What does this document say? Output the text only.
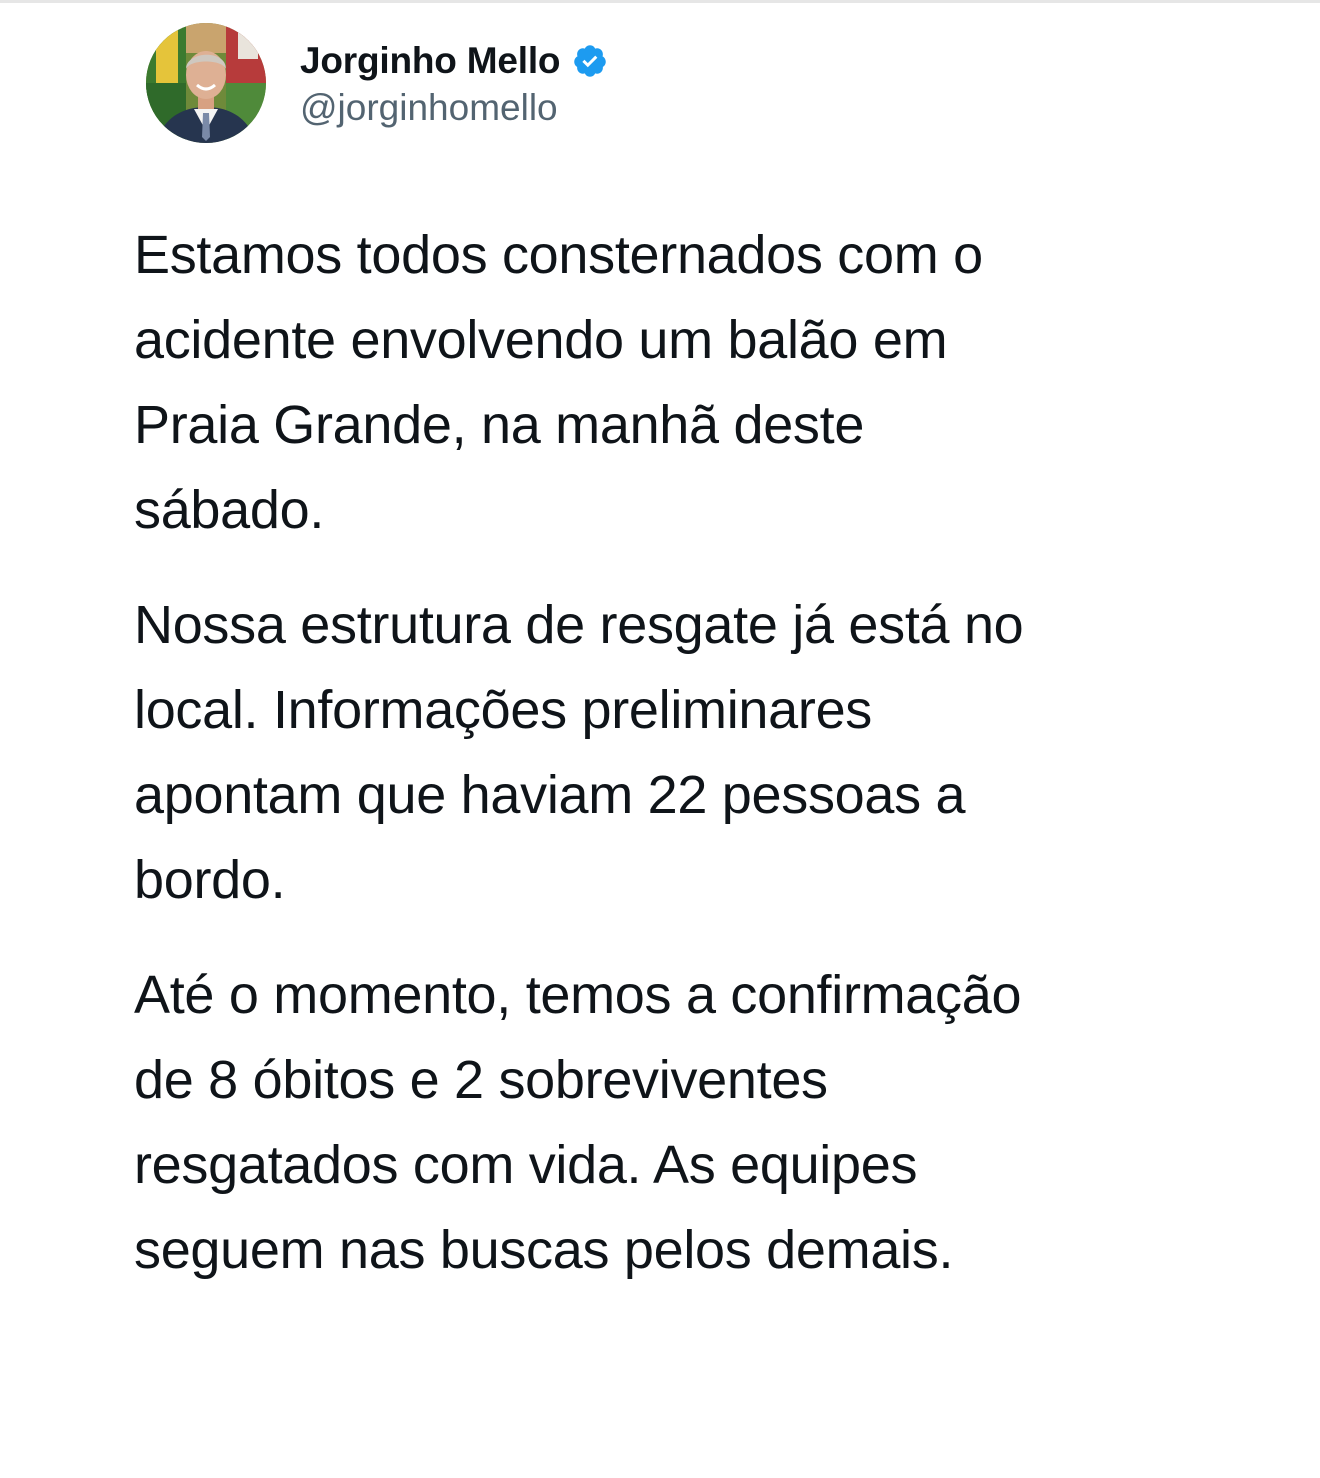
Jorginho Mello
@jorginhomello

Estamos todos consternados com o
acidente envolvendo um balão em
Praia Grande, na manhã deste
sábado.

Nossa estrutura de resgate já está no
local. Informações preliminares
apontam que haviam 22 pessoas a
bordo.

Até o momento, temos a confirmação
de 8 óbitos e 2 sobreviventes
resgatados com vida. As equipes
seguem nas buscas pelos demais.
